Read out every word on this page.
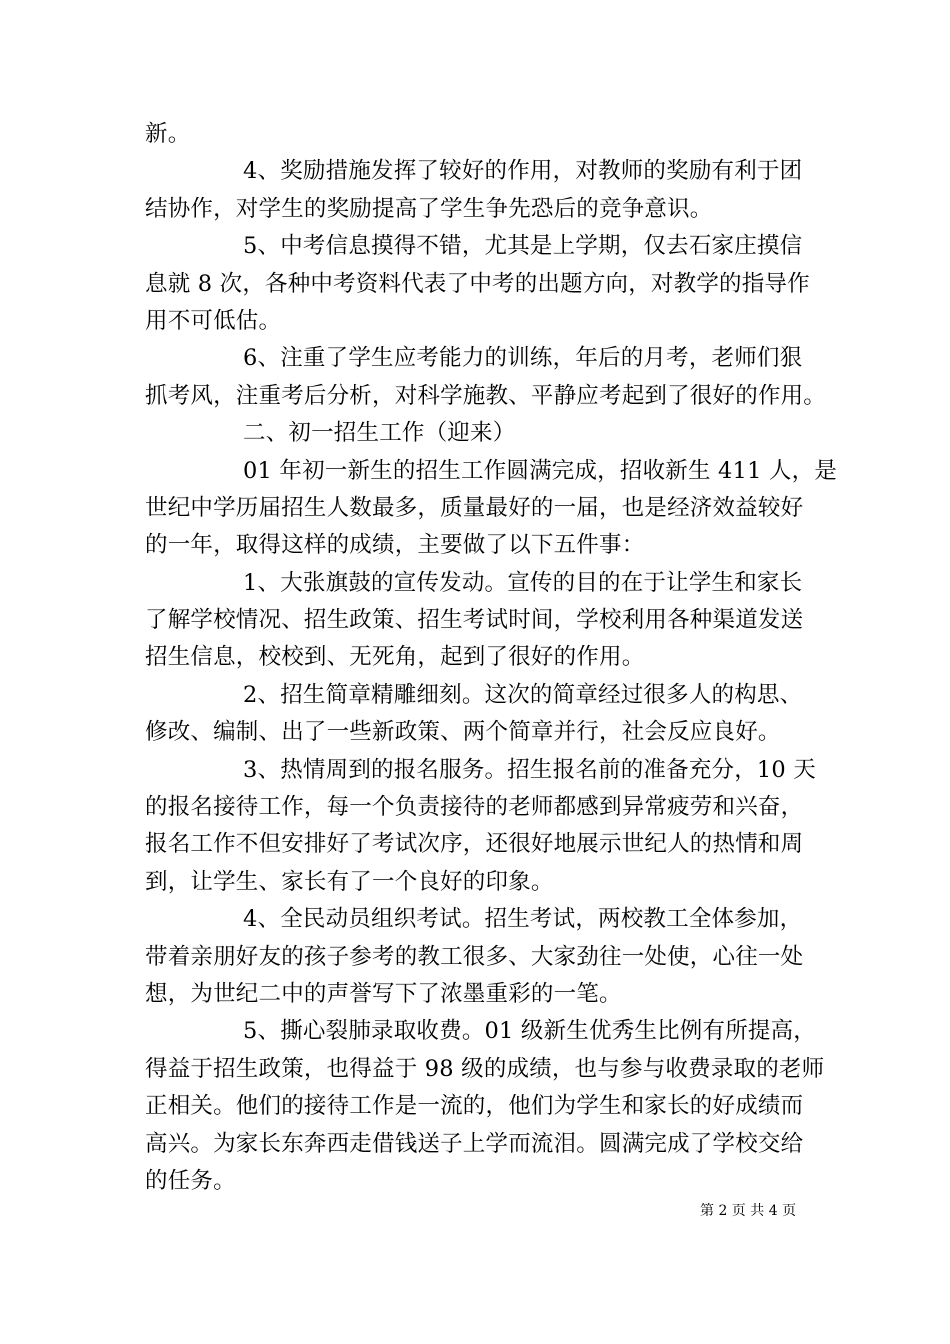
新。
4、奖励措施发挥了较好的作用，对教师的奖励有利于团
结协作，对学生的奖励提高了学生争先恐后的竞争意识。
5、中考信息摸得不错，尤其是上学期，仅去石家庄摸信
息就 8 次，各种中考资料代表了中考的出题方向，对教学的指导作
用不可低估。
6、注重了学生应考能力的训练，年后的月考，老师们狠
抓考风，注重考后分析，对科学施教、平静应考起到了很好的作用。
二、初一招生工作（迎来）
01 年初一新生的招生工作圆满完成，招收新生 411 人，是
世纪中学历届招生人数最多，质量最好的一届，也是经济效益较好
的一年，取得这样的成绩，主要做了以下五件事：
1、大张旗鼓的宣传发动。宣传的目的在于让学生和家长
了解学校情况、招生政策、招生考试时间，学校利用各种渠道发送
招生信息，校校到、无死角，起到了很好的作用。
2、招生简章精雕细刻。这次的简章经过很多人的构思、
修改、编制、出了一些新政策、两个简章并行，社会反应良好。
3、热情周到的报名服务。招生报名前的准备充分，10 天
的报名接待工作，每一个负责接待的老师都感到异常疲劳和兴奋，
报名工作不但安排好了考试次序，还很好地展示世纪人的热情和周
到，让学生、家长有了一个良好的印象。
4、全民动员组织考试。招生考试，两校教工全体参加，
带着亲朋好友的孩子参考的教工很多、大家劲往一处使，心往一处
想，为世纪二中的声誉写下了浓墨重彩的一笔。
5、撕心裂肺录取收费。01 级新生优秀生比例有所提高，
得益于招生政策，也得益于 98 级的成绩，也与参与收费录取的老师
正相关。他们的接待工作是一流的，他们为学生和家长的好成绩而
高兴。为家长东奔西走借钱送子上学而流泪。圆满完成了学校交给
的任务。
第 2 页 共 4 页
